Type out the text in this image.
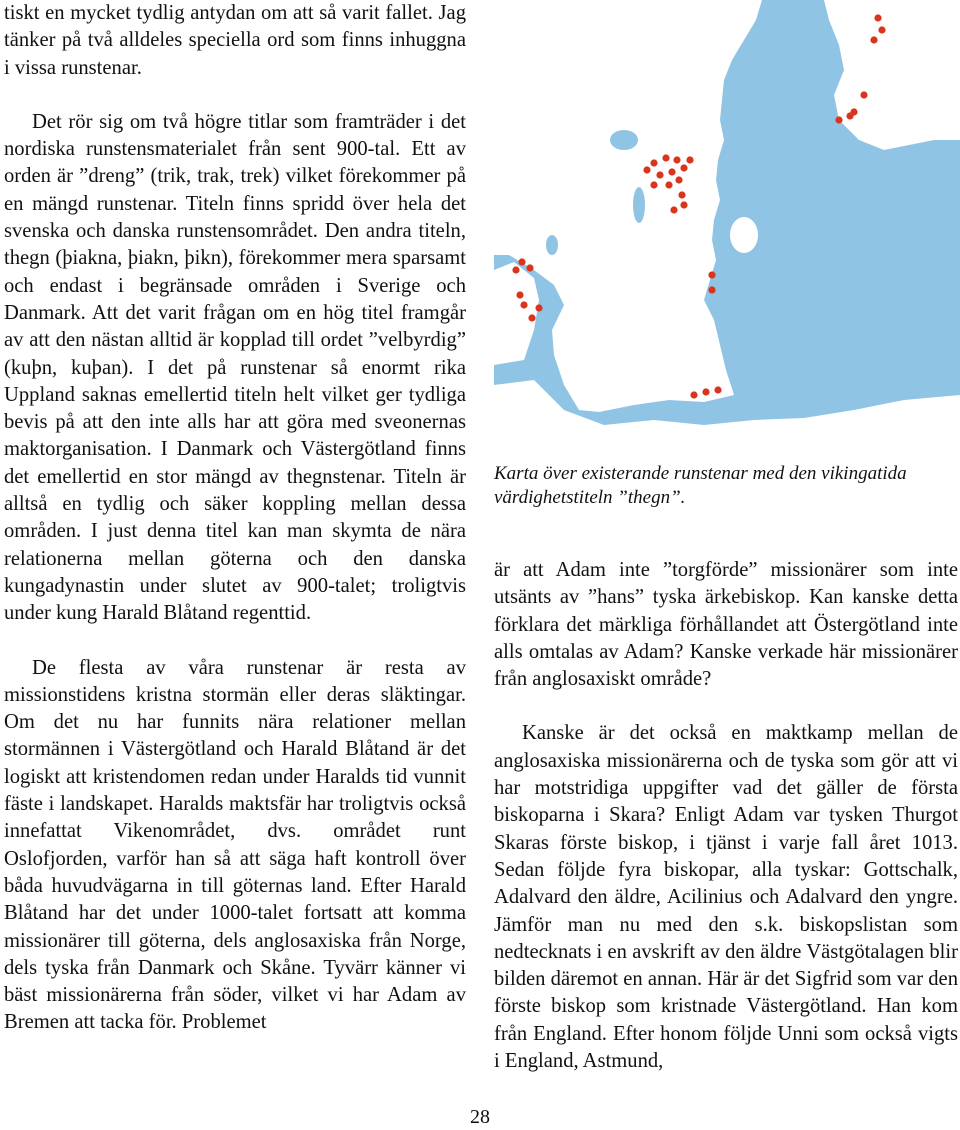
tiskt en mycket tydlig antydan om att så varit fallet. Jag tänker på två alldeles speciella ord som finns inhuggna i vissa runstenar.

Det rör sig om två högre titlar som framträder i det nordiska runstensmaterialet från sent 900-tal. Ett av orden är ”dreng” (trik, trak, trek) vilket förekommer på en mängd runstenar. Titeln finns spridd över hela det svenska och danska runstensområdet. Den andra titeln, thegn (þiakna, þiakn, þikn), förekommer mera sparsamt och endast i begränsade områden i Sverige och Danmark. Att det varit frågan om en hög titel framgår av att den nästan alltid är kopplad till ordet ”velbyrdig” (kuþn, kuþan). I det på runstenar så enormt rika Uppland saknas emellertid titeln helt vilket ger tydliga bevis på att den inte alls har att göra med sveonernas maktorganisation. I Danmark och Västergötland finns det emellertid en stor mängd av thegnstenar. Titeln är alltså en tydlig och säker koppling mellan dessa områden. I just denna titel kan man skymta de nära relationerna mellan göterna och den danska kungadynastin under slutet av 900-talet; troligtvis under kung Harald Blåtand regenttid.

De flesta av våra runstenar är resta av missionstidens kristna stormän eller deras släktingar. Om det nu har funnits nära relationer mellan stormännen i Västergötland och Harald Blåtand är det logiskt att kristendomen redan under Haralds tid vunnit fäste i landskapet. Haralds maktsfär har troligtvis också innefattat Vikenområdet, dvs. området runt Oslofjorden, varför han så att säga haft kontroll över båda huvudvägarna in till göternas land. Efter Harald Blåtand har det under 1000-talet fortsatt att komma missionärer till göterna, dels anglosaxiska från Norge, dels tyska från Danmark och Skåne. Tyvärr känner vi bäst missionärerna från söder, vilket vi har Adam av Bremen att tacka för. Problemet

Karta över existerande runstenar med den vikingatida värdighetstiteln ”thegn”.

är att Adam inte ”torgförde” missionärer som inte utsänts av ”hans” tyska ärkebiskop. Kan kanske detta förklara det märkliga förhållandet att Östergötland inte alls omtalas av Adam? Kanske verkade här missionärer från anglosaxiskt område?

Kanske är det också en maktkamp mellan de anglosaxiska missionärerna och de tyska som gör att vi har motstridiga uppgifter vad det gäller de första biskoparna i Skara? Enligt Adam var tysken Thurgot Skaras förste biskop, i tjänst i varje fall året 1013. Sedan följde fyra biskopar, alla tyskar: Gottschalk, Adalvard den äldre, Acilinius och Adalvard den yngre. Jämför man nu med den s.k. biskopslistan som nedtecknats i en avskrift av den äldre Västgötalagen blir bilden däremot en annan. Här är det Sigfrid som var den förste biskop som kristnade Västergötland. Han kom från England. Efter honom följde Unni som också vigts i England, Astmund,

28
